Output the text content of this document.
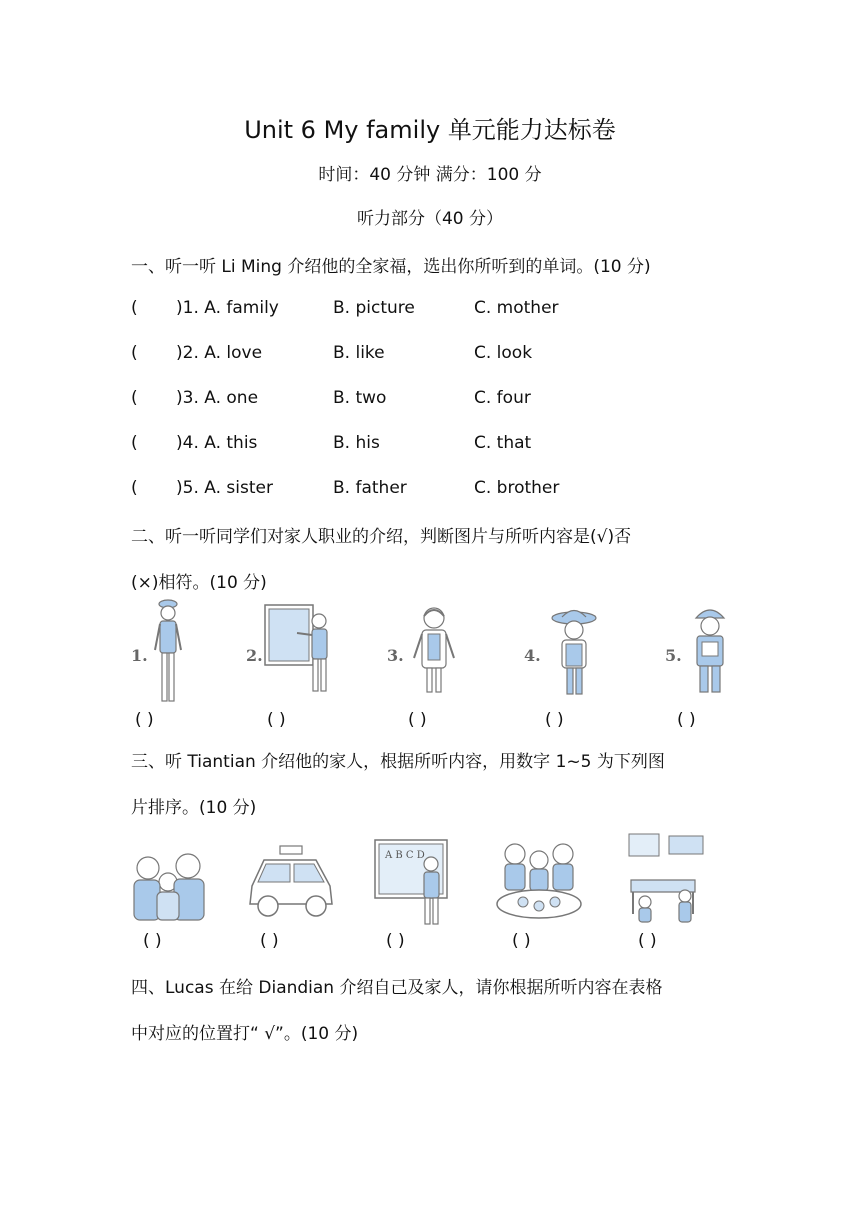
Unit 6 My family 单元能力达标卷
时间：40 分钟 满分：100 分
听力部分（40 分）
一、听一听 Li Ming 介绍他的全家福，选出你所听到的单词。(10 分)
( )1. A. family	B. picture	C. mother
( )2. A. love	B. like	C. look
( )3. A. one	B. two	C. four
( )4. A. this	B. his	C. that
( )5. A. sister	B. father	C. brother
二、听一听同学们对家人职业的介绍，判断图片与所听内容是(√)否
(×)相符。(10 分)
1.
( )
2.
( )
3.
( )
4.
( )
5.
( )
三、听 Tiantian 介绍他的家人，根据所听内容，用数字 1~5 为下列图
片排序。(10 分)
( )	( )
A B C D
( )	( )	( )
四、Lucas 在给 Diandian 介绍自己及家人，请你根据所听内容在表格
中对应的位置打“ √”。(10 分)
